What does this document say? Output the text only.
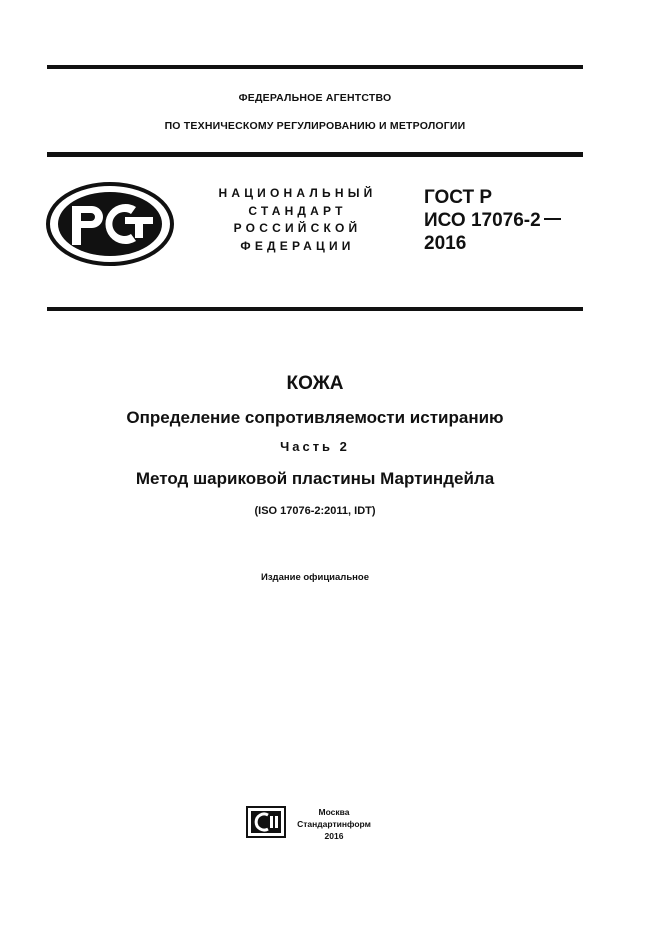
ФЕДЕРАЛЬНОЕ АГЕНТСТВО
ПО ТЕХНИЧЕСКОМУ РЕГУЛИРОВАНИЮ И МЕТРОЛОГИИ
НАЦИОНАЛЬНЫЙ
СТАНДАРТ
РОССИЙСКОЙ
ФЕДЕРАЦИИ
ГОСТ Р
ИСО 17076-2
2016
КОЖА
Определение сопротивляемости истиранию
Часть 2
Метод шариковой пластины Мартиндейла
(ISO 17076-2:2011, IDT)
Издание официальное
Москва
Стандартинформ
2016
